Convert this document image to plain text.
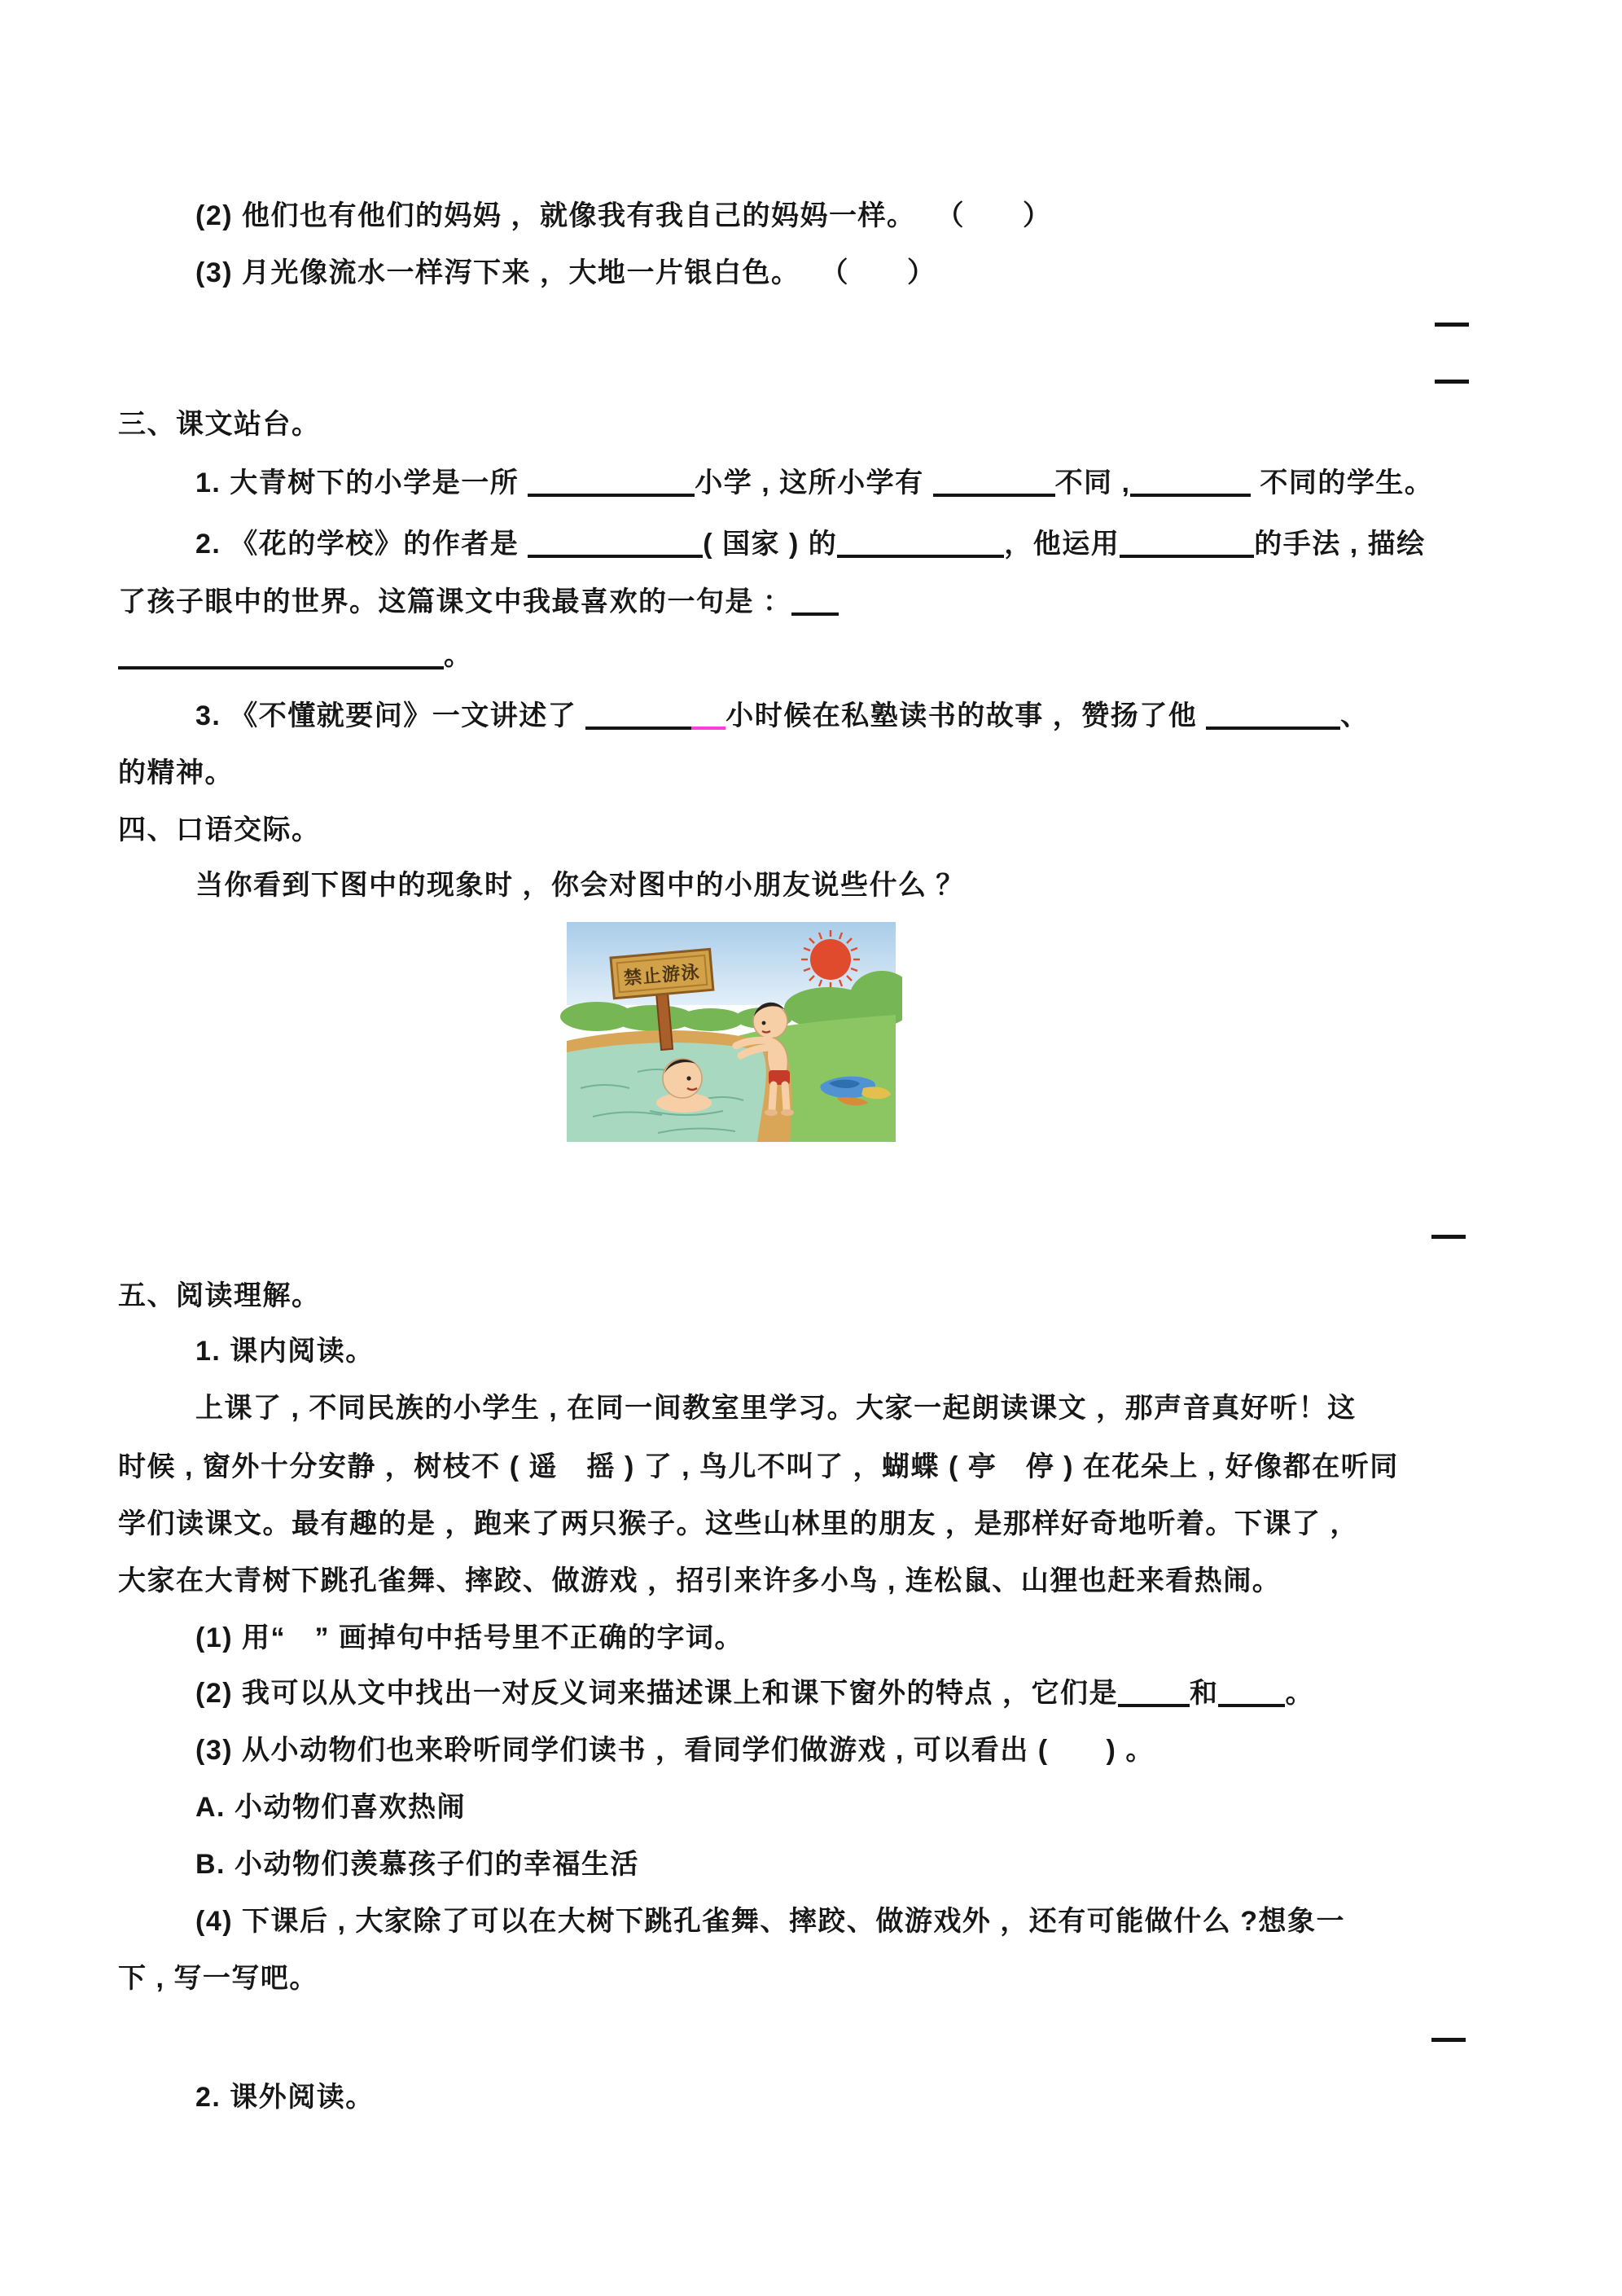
(2) 他们也有他们的妈妈 ，就像我有我自己的妈妈一样。 （　　）
(3) 月光像流水一样泻下来 ，大地一片银白色。 （　　）
三、课文站台。
1. 大青树下的小学是一所	小学 , 这所小学有	不同 ,	不同的学生。
2. 《花的学校》的作者是	( 国家 ) 的	，他运用	的手法 , 描绘
了孩子眼中的世界。这篇课文中我最喜欢的一句是 ：
。
3. 《不懂就要问》一文讲述了	小时候在私塾读书的故事 ，赞扬了他	、
的精神。
四、口语交际。
当你看到下图中的现象时 ，你会对图中的小朋友说些什么 ？
禁止游泳
五、阅读理解。
1. 课内阅读。
上课了 , 不同民族的小学生 , 在同一间教室里学习。大家一起朗读课文 ，那声音真好听！这
时候 , 窗外十分安静 ，树枝不 ( 遥　摇 ) 了 , 鸟儿不叫了 ，蝴蝶 ( 亭　停 ) 在花朵上 , 好像都在听同
学们读课文。最有趣的是 ，跑来了两只猴子。这些山林里的朋友 ，是那样好奇地听着。下课了 ，
大家在大青树下跳孔雀舞、摔跤、做游戏 ，招引来许多小鸟 , 连松鼠、山狸也赶来看热闹。
(1) 用“　” 画掉句中括号里不正确的字词。
(2) 我可以从文中找出一对反义词来描述课上和课下窗外的特点 ，它们是	和 。
(3) 从小动物们也来聆听同学们读书 ，看同学们做游戏 , 可以看出 (　　) 。
A. 小动物们喜欢热闹
B. 小动物们羡慕孩子们的幸福生活
(4) 下课后 , 大家除了可以在大树下跳孔雀舞、摔跤、做游戏外 ，还有可能做什么 ?想象一
下 , 写一写吧。
2. 课外阅读。
